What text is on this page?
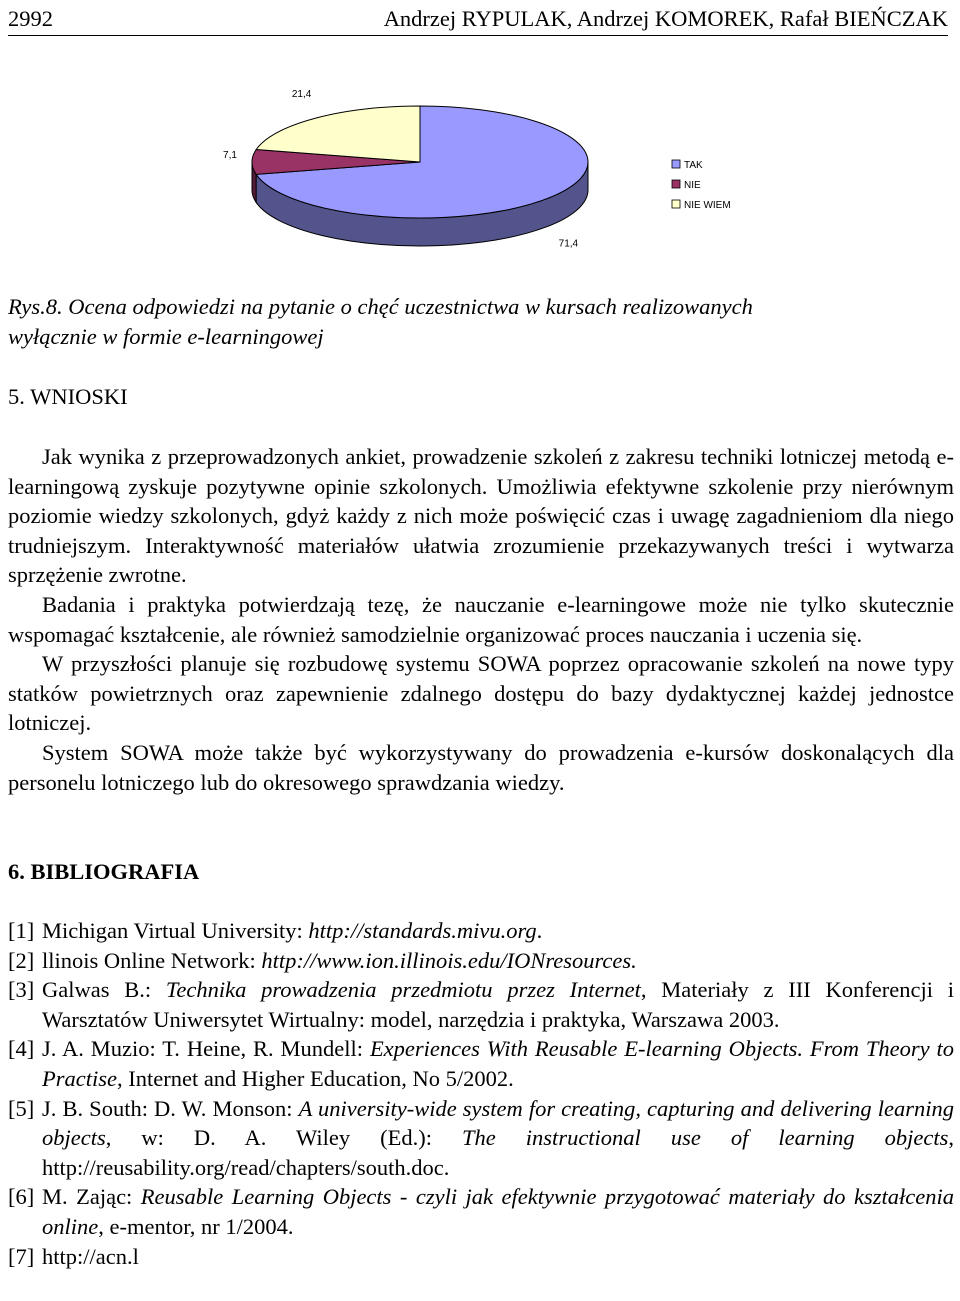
2992	Andrzej RYPULAK, Andrzej KOMOREK, Rafał BIEŃCZAK
71,4
7,1
21,4
TAK
NIE
NIE WIEM
Rys.8. Ocena odpowiedzi na pytanie o chęć uczestnictwa w kursach realizowanych
wyłącznie w formie e-learningowej
5. WNIOSKI

Jak wynika z przeprowadzonych ankiet, prowadzenie szkoleń z zakresu techniki lotniczej metodą e-learningową zyskuje pozytywne opinie szkolonych. Umożliwia efektywne szkolenie przy nierównym poziomie wiedzy szkolonych, gdyż każdy z nich może poświęcić czas i uwagę zagadnieniom dla niego trudniejszym. Interaktywność materiałów ułatwia zrozumienie przekazywanych treści i wytwarza sprzężenie zwrotne.

Badania i praktyka potwierdzają tezę, że nauczanie e-learningowe może nie tylko skutecznie wspomagać kształcenie, ale również samodzielnie organizować proces nauczania i uczenia się.

W przyszłości planuje się rozbudowę systemu SOWA poprzez opracowanie szkoleń na nowe typy statków powietrznych oraz zapewnienie zdalnego dostępu do bazy dydaktycznej każdej jednostce lotniczej.

System SOWA może także być wykorzystywany do prowadzenia e-kursów doskonalących dla personelu lotniczego lub do okresowego sprawdzania wiedzy.

6. BIBLIOGRAFIA
[1] Michigan Virtual University: http://standards.mivu.org.
[2] llinois Online Network: http://www.ion.illinois.edu/IONresources.
[3] Galwas B.: Technika prowadzenia przedmiotu przez Internet, Materiały z III Konferencji i Warsztatów Uniwersytet Wirtualny: model, narzędzia i praktyka, Warszawa 2003.
[4] J. A. Muzio: T. Heine, R. Mundell: Experiences With Reusable E-learning Objects. From Theory to Practise, Internet and Higher Education, No 5/2002.
[5] J. B. South: D. W. Monson: A university-wide system for creating, capturing and delivering learning objects, w: D. A. Wiley (Ed.): The instructional use of learning objects, http://reusability.org/read/chapters/south.doc.
[6] M. Zając: Reusable Learning Objects - czyli jak efektywnie przygotować materiały do kształcenia online, e-mentor, nr 1/2004.
[7] http://acn.l
